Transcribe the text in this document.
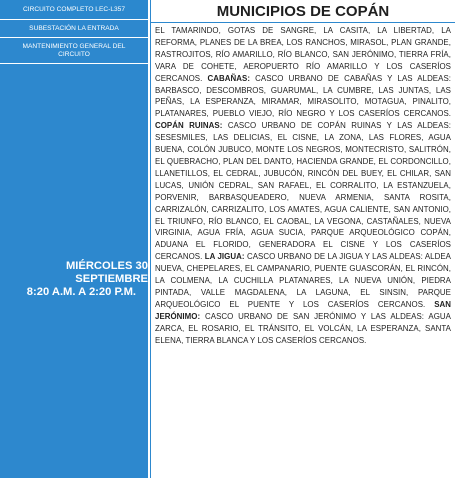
CIRCUITO COMPLETO LEC-L357
SUBESTACIÓN LA ENTRADA
MANTENIMIENTO GENERAL DEL CIRCUITO
MIÉRCOLES 30 SEPTIEMBRE
8:20 A.M. A 2:20 P.M.
MUNICIPIOS DE COPÁN
EL TAMARINDO, GOTAS DE SANGRE, LA CASITA, LA LIBERTAD, LA REFORMA, PLANES DE LA BREA, LOS RANCHOS, MIRASOL, PLAN GRANDE, RASTROJITOS, RÍO AMARILLO, RÍO BLANCO, SAN JERÓNIMO, TIERRA FRÍA, VARA DE COHETE, AEROPUERTO RÍO AMARILLO Y LOS CASERÍOS CERCANOS. CABAÑAS: CASCO URBANO DE CABAÑAS Y LAS ALDEAS: BARBASCO, DESCOMBROS, GUARUMAL, LA CUMBRE, LAS JUNTAS, LAS PEÑAS, LA ESPERANZA, MIRAMAR, MIRASOLITO, MOTAGUA, PINALITO, PLATANARES, PUEBLO VIEJO, RÍO NEGRO Y LOS CASERÍOS CERCANOS. COPÁN RUINAS: CASCO URBANO DE COPÁN RUINAS Y LAS ALDEAS: SESESMILES, LAS DELICIAS, EL CISNE, LA ZONA, LAS FLORES, AGUA BUENA, COLÓN JUBUCO, MONTE LOS NEGROS, MONTECRISTO, SALITRÓN, EL QUEBRACHO, PLAN DEL DANTO, HACIENDA GRANDE, EL CORDONCILLO, LLANETILLOS, EL CEDRAL, JUBUCÓN, RINCÓN DEL BUEY, EL CHILAR, SAN LUCAS, UNIÓN CEDRAL, SAN RAFAEL, EL CORRALITO, LA ESTANZUELA, PORVENIR, BARBASQUEADERO, NUEVA ARMENIA, SANTA ROSITA, CARRIZALÓN, CARRIZALITO, LOS AMATES, AGUA CALIENTE, SAN ANTONIO, EL TRIUNFO, RÍO BLANCO, EL CAOBAL, LA VEGONA, CASTAÑALES, NUEVA VIRGINIA, AGUA FRÍA, AGUA SUCIA, PARQUE ARQUEOLÓGICO COPÁN, ADUANA EL FLORIDO, GENERADORA EL CISNE Y LOS CASERÍOS CERCANOS. LA JIGUA: CASCO URBANO DE LA JIGUA Y LAS ALDEAS: ALDEA NUEVA, CHEPELARES, EL CAMPANARIO, PUENTE GUASCORÁN, EL RINCÓN, LA COLMENA, LA CUCHILLA PLATANARES, LA NUEVA UNIÓN, PIEDRA PINTADA, VALLE MAGDALENA, LA LAGUNA, EL SINSIN, PARQUE ARQUEOLÓGICO EL PUENTE Y LOS CASERÍOS CERCANOS. SAN JERÓNIMO: CASCO URBANO DE SAN JERÓNIMO Y LAS ALDEAS: AGUA ZARCA, EL ROSARIO, EL TRÁNSITO, EL VOLCÁN, LA ESPERANZA, SANTA ELENA, TIERRA BLANCA Y LOS CASERÍOS CERCANOS.
